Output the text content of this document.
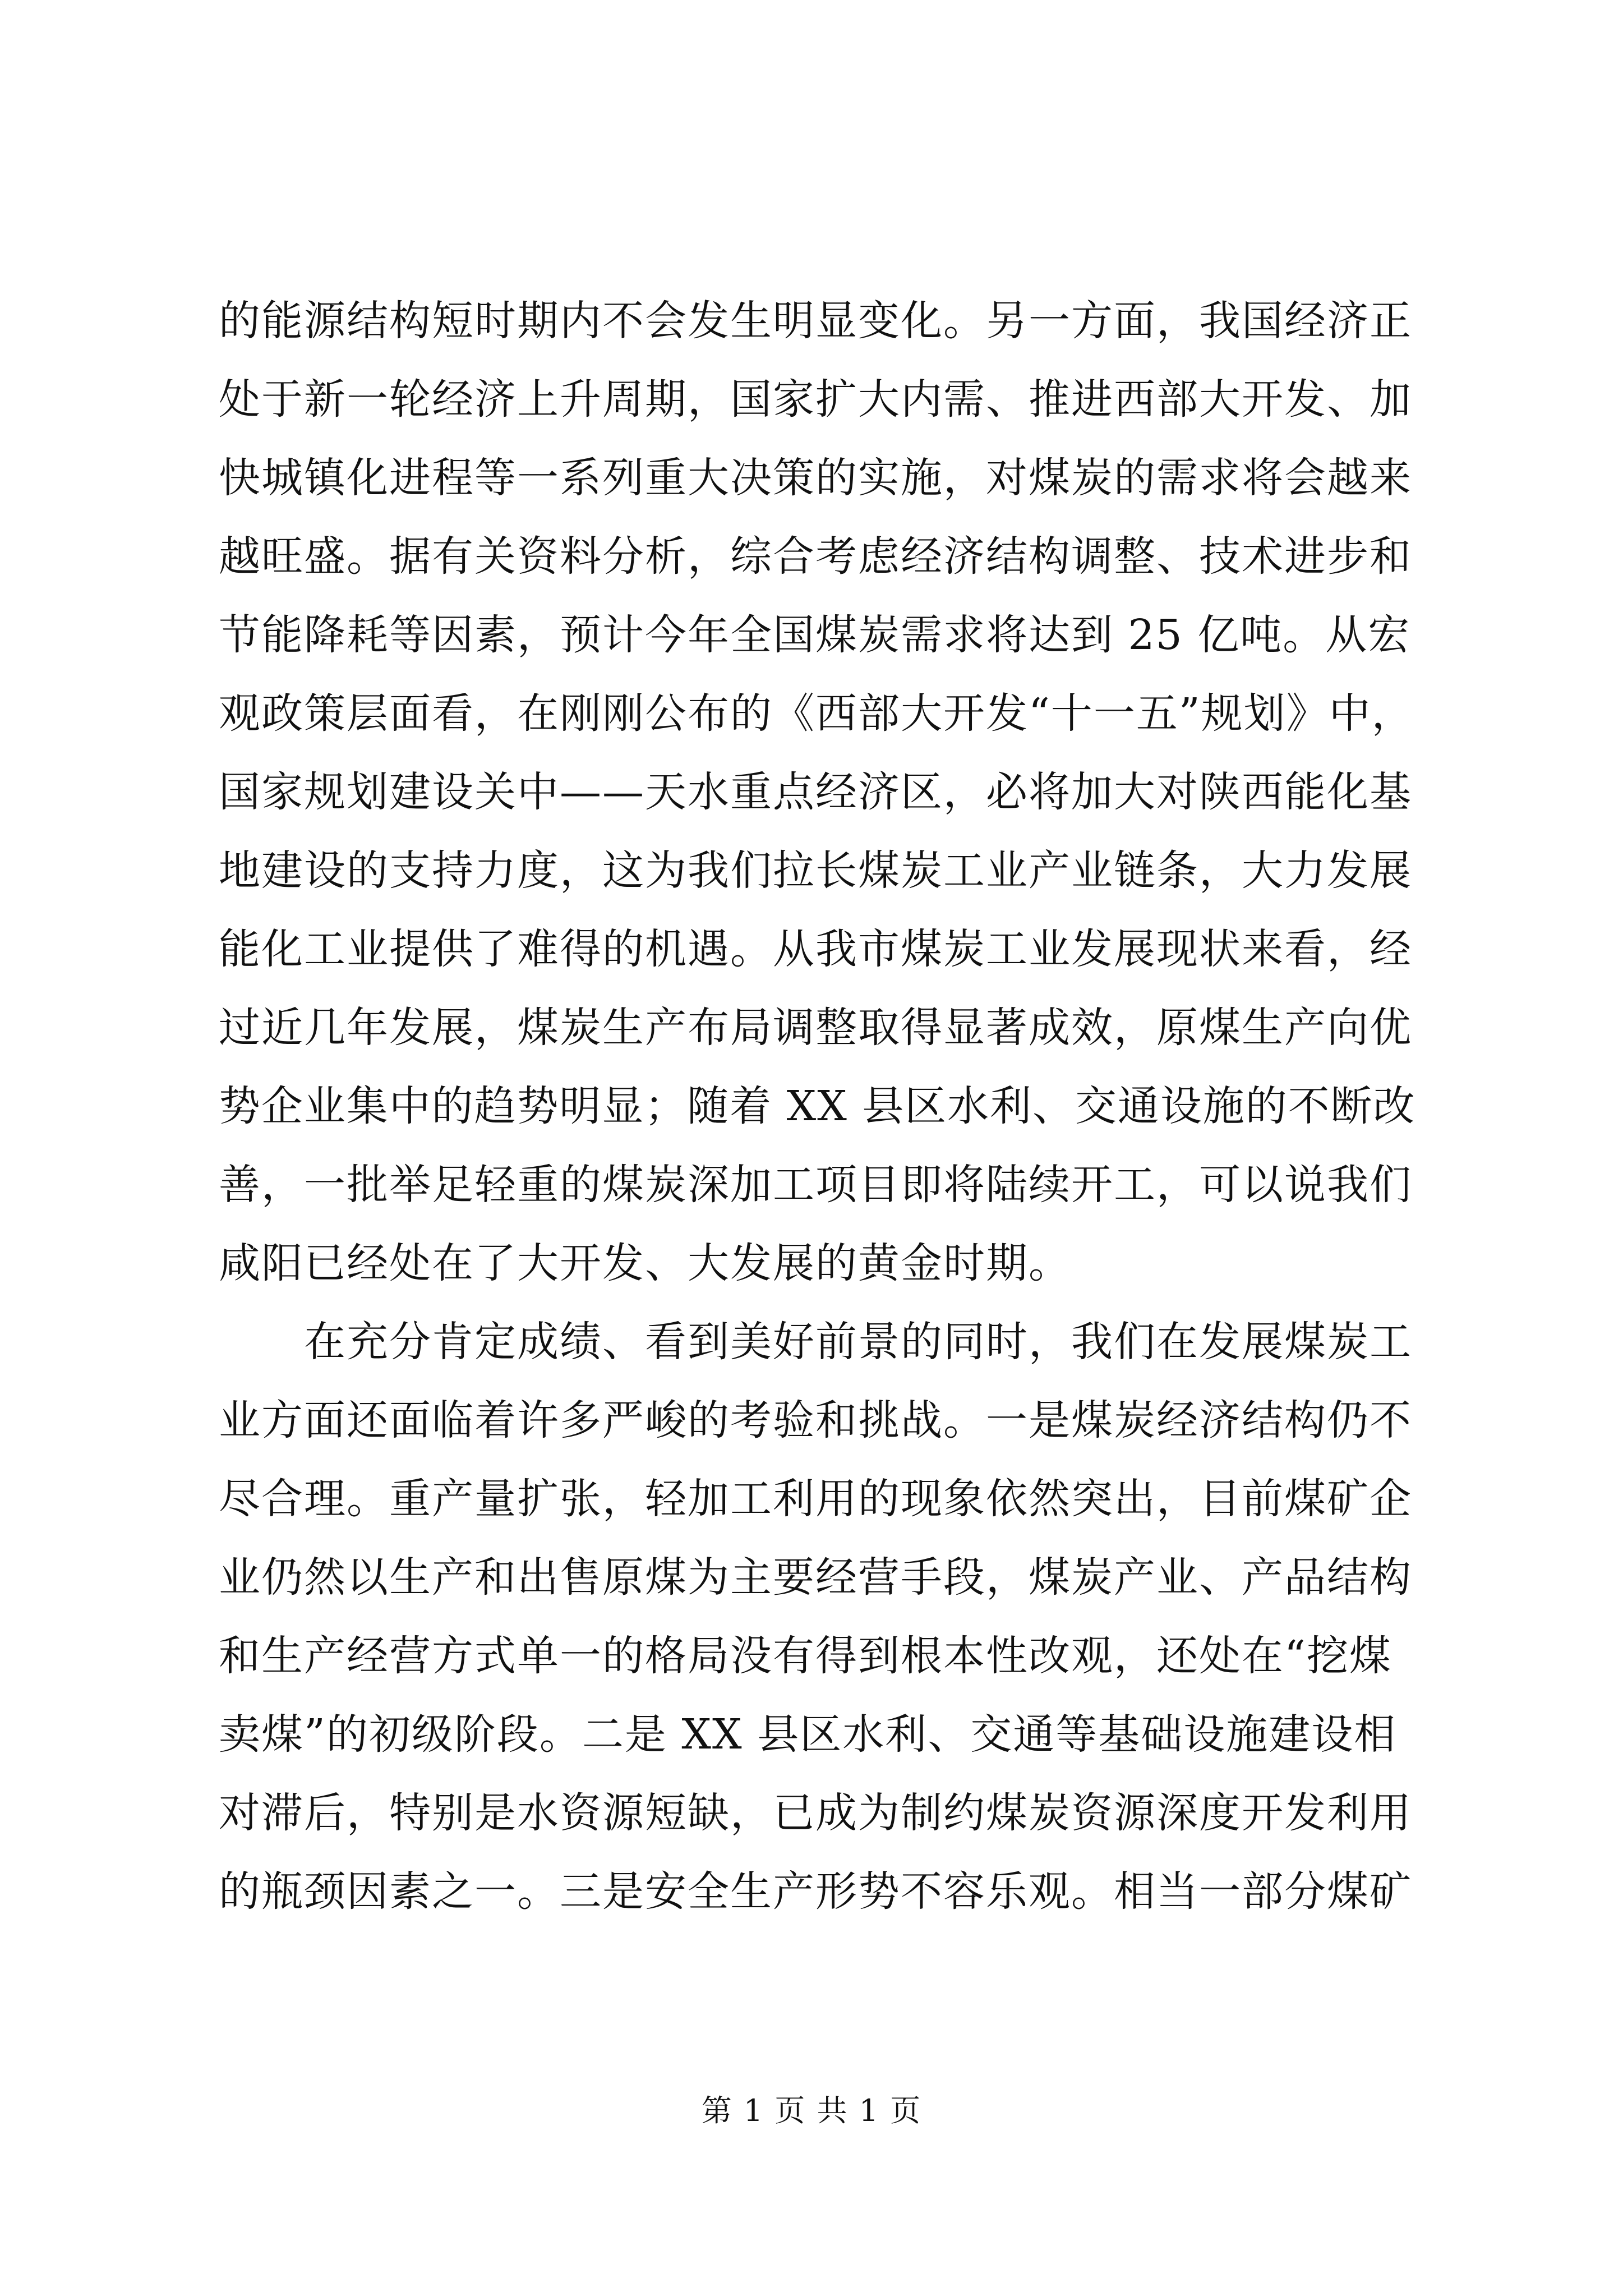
的能源结构短时期内不会发生明显变化。另一方面，我国经济正
处于新一轮经济上升周期，国家扩大内需、推进西部大开发、加
快城镇化进程等一系列重大决策的实施，对煤炭的需求将会越来
越旺盛。据有关资料分析，综合考虑经济结构调整、技术进步和
节能降耗等因素，预计今年全国煤炭需求将达到 25 亿吨。从宏
观政策层面看，在刚刚公布的《西部大开发“十一五”规划》中，
国家规划建设关中——天水重点经济区，必将加大对陕西能化基
地建设的支持力度，这为我们拉长煤炭工业产业链条，大力发展
能化工业提供了难得的机遇。从我市煤炭工业发展现状来看，经
过近几年发展，煤炭生产布局调整取得显著成效，原煤生产向优
势企业集中的趋势明显；随着 XX 县区水利、交通设施的不断改
善，一批举足轻重的煤炭深加工项目即将陆续开工，可以说我们
咸阳已经处在了大开发、大发展的黄金时期。
　　在充分肯定成绩、看到美好前景的同时，我们在发展煤炭工
业方面还面临着许多严峻的考验和挑战。一是煤炭经济结构仍不
尽合理。重产量扩张，轻加工利用的现象依然突出，目前煤矿企
业仍然以生产和出售原煤为主要经营手段，煤炭产业、产品结构
和生产经营方式单一的格局没有得到根本性改观，还处在“挖煤
卖煤”的初级阶段。二是 XX 县区水利、交通等基础设施建设相
对滞后，特别是水资源短缺，已成为制约煤炭资源深度开发利用
的瓶颈因素之一。三是安全生产形势不容乐观。相当一部分煤矿
第 1 页 共 1 页
